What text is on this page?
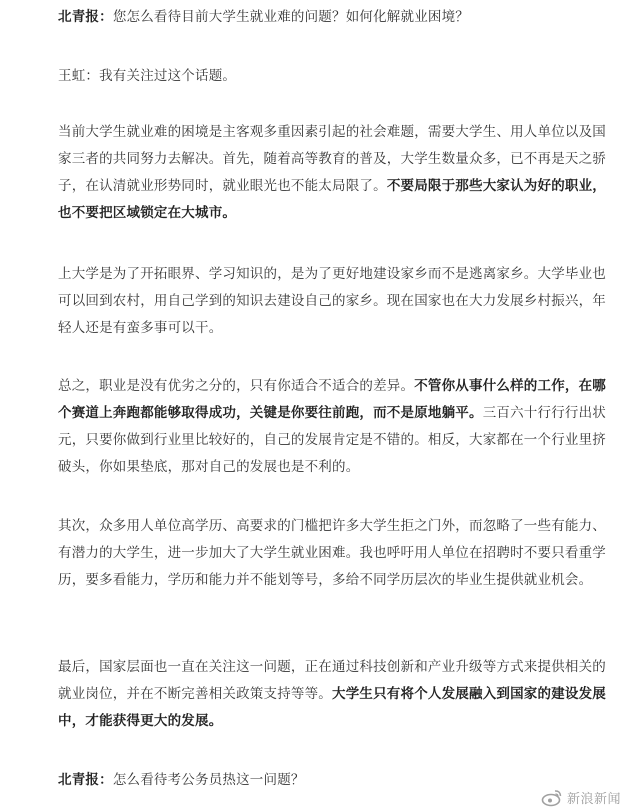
北青报：您怎么看待目前大学生就业难的问题？如何化解就业困境？

王虹：我有关注过这个话题。

当前大学生就业难的困境是主客观多重因素引起的社会难题，需要大学生、用人单位以及国家三者的共同努力去解决。首先，随着高等教育的普及，大学生数量众多，已不再是天之骄子，在认清就业形势同时，就业眼光也不能太局限了。不要局限于那些大家认为好的职业，也不要把区域锁定在大城市。

上大学是为了开拓眼界、学习知识的，是为了更好地建设家乡而不是逃离家乡。大学毕业也可以回到农村，用自己学到的知识去建设自己的家乡。现在国家也在大力发展乡村振兴，年轻人还是有蛮多事可以干。

总之，职业是没有优劣之分的，只有你适合不适合的差异。不管你从事什么样的工作，在哪个赛道上奔跑都能够取得成功，关键是你要往前跑，而不是原地躺平。三百六十行行行出状元，只要你做到行业里比较好的，自己的发展肯定是不错的。相反，大家都在一个行业里挤破头，你如果垫底，那对自己的发展也是不利的。

其次，众多用人单位高学历、高要求的门槛把许多大学生拒之门外，而忽略了一些有能力、有潜力的大学生，进一步加大了大学生就业困难。我也呼吁用人单位在招聘时不要只看重学历，要多看能力，学历和能力并不能划等号，多给不同学历层次的毕业生提供就业机会。

最后，国家层面也一直在关注这一问题，正在通过科技创新和产业升级等方式来提供相关的就业岗位，并在不断完善相关政策支持等等。大学生只有将个人发展融入到国家的建设发展中，才能获得更大的发展。

北青报：怎么看待考公务员热这一问题？

新浪新闻
